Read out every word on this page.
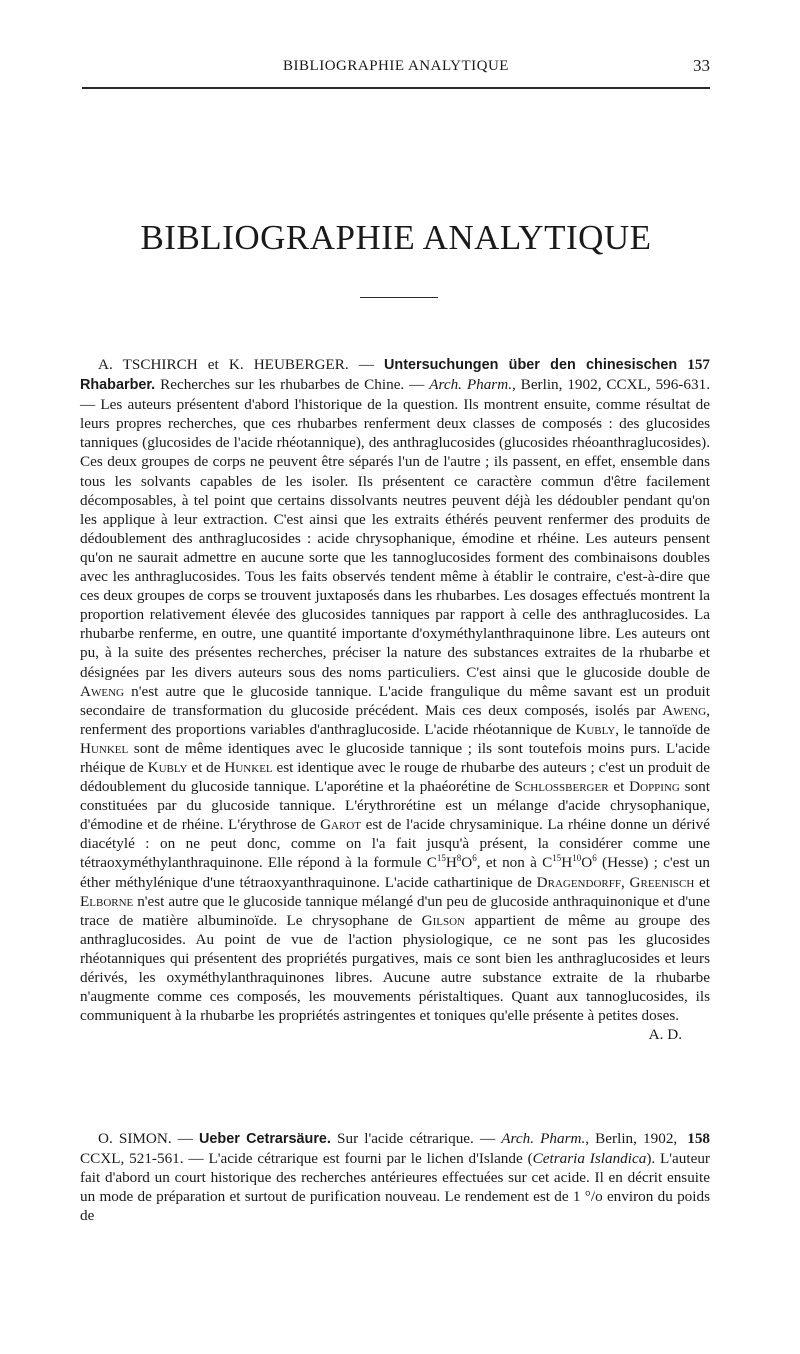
BIBLIOGRAPHIE ANALYTIQUE	33
BIBLIOGRAPHIE ANALYTIQUE

157
A. TSCHIRCH et K. HEUBERGER. — Untersuchungen über den chinesischen Rhabarber. Recherches sur les rhubarbes de Chine. — Arch. Pharm., Berlin, 1902, CCXL, 596-631. — Les auteurs présentent d'abord l'historique de la question. Ils montrent ensuite, comme résultat de leurs propres recherches, que ces rhubarbes renferment deux classes de composés : des glucosides tanniques (glucosides de l'acide rhéotannique), des anthraglucosides (glucosides rhéoanthraglucosides). Ces deux groupes de corps ne peuvent être séparés l'un de l'autre ; ils passent, en effet, ensemble dans tous les solvants capables de les isoler. Ils présentent ce caractère commun d'être facilement décomposables, à tel point que certains dissolvants neutres peuvent déjà les dédoubler pendant qu'on les applique à leur extraction. C'est ainsi que les extraits éthérés peuvent renfermer des produits de dédoublement des anthraglucosides : acide chrysophanique, émodine et rhéine. Les auteurs pensent qu'on ne saurait admettre en aucune sorte que les tannoglucosides forment des combinaisons doubles avec les anthraglucosides. Tous les faits observés tendent même à établir le contraire, c'est-à-dire que ces deux groupes de corps se trouvent juxtaposés dans les rhubarbes. Les dosages effectués montrent la proportion relativement élevée des glucosides tanniques par rapport à celle des anthraglucosides. La rhubarbe renferme, en outre, une quantité importante d'oxyméthylanthraquinone libre. Les auteurs ont pu, à la suite des présentes recherches, préciser la nature des substances extraites de la rhubarbe et désignées par les divers auteurs sous des noms particuliers. C'est ainsi que le glucoside double de Aweng n'est autre que le glucoside tannique. L'acide frangulique du même savant est un produit secondaire de transformation du glucoside précédent. Mais ces deux composés, isolés par Aweng, renferment des proportions variables d'anthraglucoside. L'acide rhéotannique de Kubly, le tannoïde de Hunkel sont de même identiques avec le glucoside tannique ; ils sont toutefois moins purs. L'acide rhéique de Kubly et de Hunkel est identique avec le rouge de rhubarbe des auteurs ; c'est un produit de dédoublement du glucoside tannique. L'aporétine et la phaéorétine de Schlossberger et Dopping sont constituées par du glucoside tannique. L'érythrorétine est un mélange d'acide chrysophanique, d'émodine et de rhéine. L'érythrose de Garot est de l'acide chrysaminique. La rhéine donne un dérivé diacétylé : on ne peut donc, comme on l'a fait jusqu'à présent, la considérer comme une tétraoxyméthylanthraquinone. Elle répond à la formule $C^{15}H^8O^6$, et non à $C^{15}H^{10}O^6$ (Hesse) ; c'est un éther méthylénique d'une tétraoxyanthraquinone. L'acide cathartinique de Dragendorff, Greenisch et Elborne n'est autre que le glucoside tannique mélangé d'un peu de glucoside anthraquinonique et d'une trace de matière albuminoïde. Le chrysophane de Gilson appartient de même au groupe des anthraglucosides. Au point de vue de l'action physiologique, ce ne sont pas les glucosides rhéotanniques qui présentent des propriétés purgatives, mais ce sont bien les anthraglucosides et leurs dérivés, les oxyméthylanthraquinones libres. Aucune autre substance extraite de la rhubarbe n'augmente comme ces composés, les mouvements péristaltiques. Quant aux tannoglucosides, ils communiquent à la rhubarbe les propriétés astringentes et toniques qu'elle présente à petites doses.
A. D.

158
O. SIMON. — Ueber Cetrarsäure. Sur l'acide cétrarique. — Arch. Pharm., Berlin, 1902, CCXL, 521-561. — L'acide cétrarique est fourni par le lichen d'Islande (Cetraria Islandica). L'auteur fait d'abord un court historique des recherches antérieures effectuées sur cet acide. Il en décrit ensuite un mode de préparation et surtout de purification nouveau. Le rendement est de 1 °/o environ du poids de
